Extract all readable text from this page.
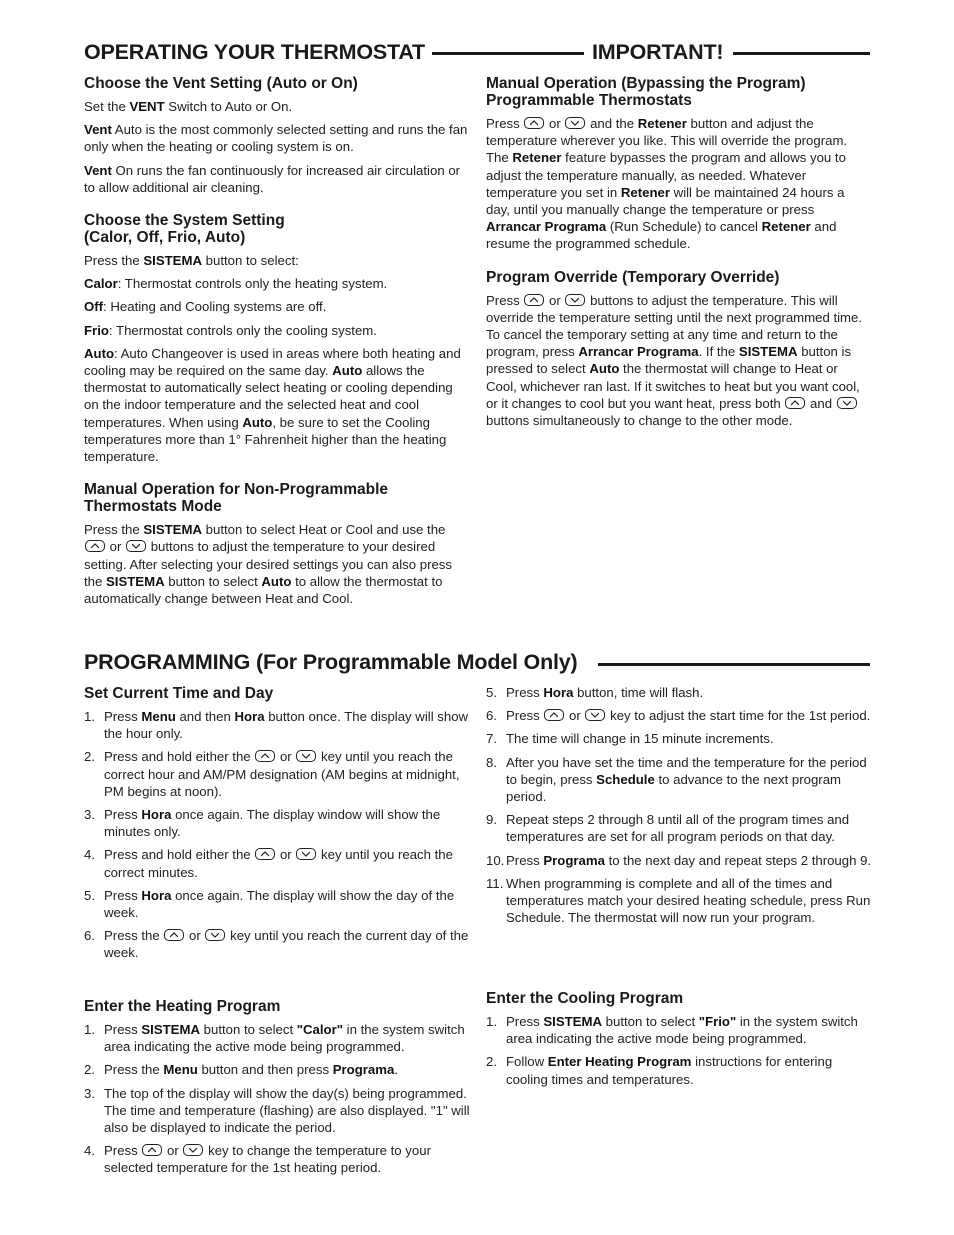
OPERATING YOUR THERMOSTAT	IMPORTANT!
Choose the Vent Setting (Auto or On)

Set the VENT Switch to Auto or On.

Vent Auto is the most commonly selected setting and runs the fan only when the heating or cooling system is on.

Vent On runs the fan continuously for increased air circulation or to allow additional air cleaning.

Choose the System Setting
(Calor, Off, Frio, Auto)

Press the SISTEMA button to select:

Calor: Thermostat controls only the heating system.

Off: Heating and Cooling systems are off.

Frio: Thermostat controls only the cooling system.

Auto: Auto Changeover is used in areas where both heating and cooling may be required on the same day. Auto allows the thermostat to automatically select heating or cooling depending on the indoor temperature and the selected heat and cool temperatures. When using Auto, be sure to set the Cooling temperatures more than 1° Fahrenheit higher than the heating temperature.

Manual Operation for Non-Programmable Thermostats Mode

Press the SISTEMA button to select Heat or Cool and use the
or
buttons to adjust the temperature to your desired setting. After selecting your desired settings you can also press the SISTEMA button to select Auto to allow the thermostat to automatically change between Heat and Cool.

Manual Operation (Bypassing the Program)
Programmable Thermostats

Press
or
and the Retener button and adjust the temperature wherever you like. This will override the program. The Retener feature bypasses the program and allows you to adjust the temperature manually, as needed. Whatever temperature you set in Retener will be maintained 24 hours a day, until you manually change the temperature or press Arrancar Programa (Run Schedule) to cancel Retener and resume the programmed schedule.

Program Override (Temporary Override)

Press
or
buttons to adjust the temperature. This will override the temperature setting until the next programmed time. To cancel the temporary setting at any time and return to the program, press Arrancar Programa. If the SISTEMA button is pressed to select Auto the thermostat will change to Heat or Cool, whichever ran last. If it switches to heat but you want cool, or it changes to cool but you want heat, press both
and
buttons simultaneously to change to the other mode.

PROGRAMMING (For Programmable Model Only)
Set Current Time and Day
1. Press Menu and then Hora button once. The display will show the hour only.
2. Press and hold either the
or
key until you reach the correct hour and AM/PM designation (AM begins at midnight, PM begins at noon).
3. Press Hora once again. The display window will show the minutes only.
4. Press and hold either the
or
key until you reach the correct minutes.
5. Press Hora once again. The display will show the day of the week.
6. Press the
or
key until you reach the current day of the week.
Enter the Heating Program
1. Press SISTEMA button to select "Calor" in the system switch area indicating the active mode being programmed.
2. Press the Menu button and then press Programa.
3. The top of the display will show the day(s) being programmed. The time and temperature (flashing) are also displayed. "1" will also be displayed to indicate the period.
4. Press
or
key to change the temperature to your selected temperature for the 1st heating period.
5. Press Hora button, time will flash.
6. Press
or
key to adjust the start time for the 1st period.
7. The time will change in 15 minute increments.
8. After you have set the time and the temperature for the period to begin, press Schedule to advance to the next program period.
9. Repeat steps 2 through 8 until all of the program times and temperatures are set for all program periods on that day.
10. Press Programa to the next day and repeat steps 2 through 9.
11. When programming is complete and all of the times and temperatures match your desired heating schedule, press Run Schedule. The thermostat will now run your program.
Enter the Cooling Program
1. Press SISTEMA button to select "Frio" in the system switch area indicating the active mode being programmed.
2. Follow Enter Heating Program instructions for entering cooling times and temperatures.
